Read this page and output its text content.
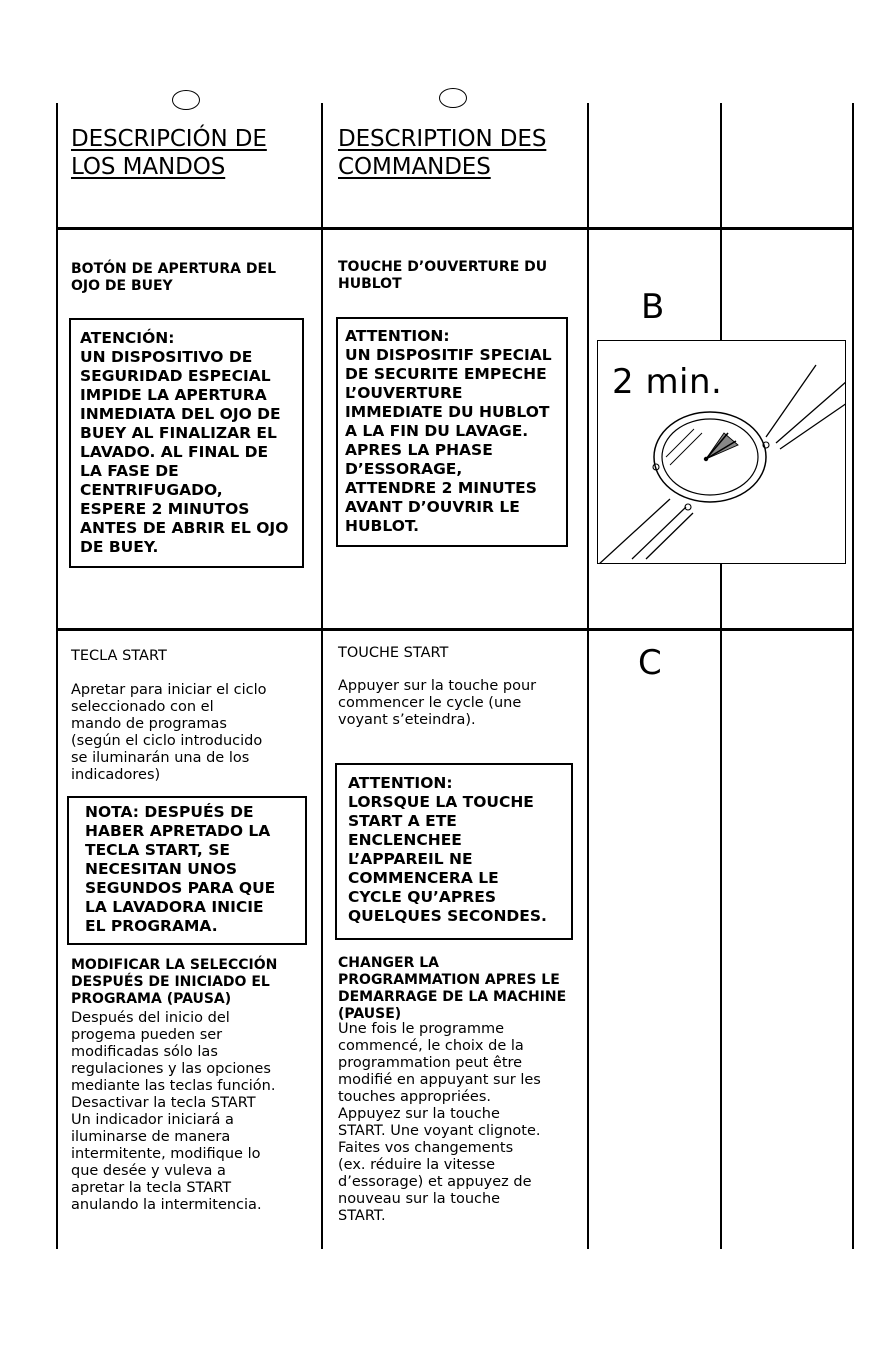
DESCRIPCIÓN DE
LOS MANDOS
DESCRIPTION DES
COMMANDES
BOTÓN DE APERTURA DEL
OJO DE BUEY
TOUCHE D’OUVERTURE DU
HUBLOT
ATENCIÓN:
UN DISPOSITIVO DE
SEGURIDAD ESPECIAL
IMPIDE LA APERTURA
INMEDIATA DEL OJO DE
BUEY AL FINALIZAR EL
LAVADO. AL FINAL DE
LA FASE DE
CENTRIFUGADO,
ESPERE 2 MINUTOS
ANTES DE ABRIR EL OJO
DE BUEY.
ATTENTION:
UN DISPOSITIF SPECIAL
DE SECURITE EMPECHE
L’OUVERTURE
IMMEDIATE DU HUBLOT
A LA FIN DU LAVAGE.
APRES LA PHASE
D’ESSORAGE,
ATTENDRE 2 MINUTES
AVANT D’OUVRIR LE
HUBLOT.
B
2 min.
TECLA START	TOUCHE START
Apretar para iniciar el ciclo
seleccionado con el
mando de programas
(según el ciclo introducido
se iluminarán una de los
indicadores)
Appuyer sur la touche pour
commencer le cycle (une
voyant s’eteindra).
NOTA: DESPUÉS DE
HABER APRETADO LA
TECLA START, SE
NECESITAN UNOS
SEGUNDOS PARA QUE
LA LAVADORA INICIE
EL PROGRAMA.
ATTENTION:
LORSQUE LA TOUCHE
START A ETE
ENCLENCHEE
L’APPAREIL NE
COMMENCERA LE
CYCLE QU’APRES
QUELQUES SECONDES.
C
MODIFICAR LA SELECCIÓN
DESPUÉS DE INICIADO EL
PROGRAMA (PAUSA)
Después del inicio del
progema pueden ser
modificadas sólo las
regulaciones y las opciones
mediante las teclas función.
Desactivar la tecla START
Un indicador iniciará a
iluminarse de manera
intermitente, modifique lo
que desée y vuleva a
apretar la tecla START
anulando la intermitencia.
CHANGER LA
PROGRAMMATION APRES LE
DEMARRAGE DE LA MACHINE
(PAUSE)
Une fois le programme
commencé, le choix de la
programmation peut être
modifié en appuyant sur les
touches appropriées.
Appuyez sur la touche
START. Une voyant clignote.
Faites vos changements
(ex. réduire la vitesse
d’essorage) et appuyez de
nouveau sur la touche
START.
